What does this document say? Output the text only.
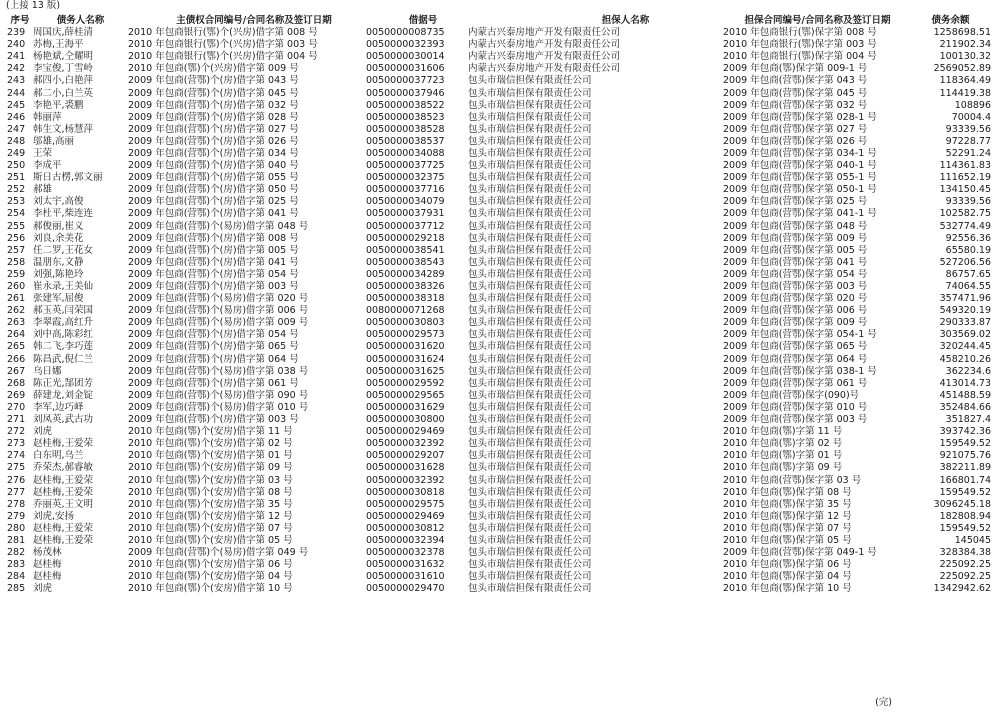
(上接 13 版)
序号	债务人名称	主债权合同编号/合同名称及签订日期	借据号	担保人名称	担保合同编号/合同名称及签订日期	债务余额
239	周国庆,薛桂清	2010 年包商银行(鄂)个(兴房)借字第 008 号	0050000008735	内蒙古兴泰房地产开发有限责任公司	2010 年包商银行(鄂)保字第 008 号	1258698.51
240	苏梅,王海平	2010 年包商银行(鄂)个(兴房)借字第 003 号	0050000032393	内蒙古兴泰房地产开发有限责任公司	2010 年包商银行(鄂)保字第 003 号	211902.34
241	杨艳斌,仝耀明	2010 年包商银行(鄂)个(兴房)借字第 004 号	0050000030014	内蒙古兴泰房地产开发有限责任公司	2010 年包商银行(鄂)保字第 004 号	100130.32
242	李宝俊,丁雪岭	2010 年包商(鄂)个(兴房)借字第 009 号	0050000031606	内蒙古兴泰房地产开发有限责任公司	2009 年包商(鄂)保字第 009-1 号	2569052.89
243	郝四小,白艳萍	2009 年包商(营鄂)个(房)借字第 043 号	0050000037723	包头市瑞信担保有限责任公司	2009 年包商(营鄂)保字第 043 号	118364.49
244	郝二小,白兰英	2009 年包商(营鄂)个(房)借字第 045 号	0050000037946	包头市瑞信担保有限责任公司	2009 年包商(营鄂)保字第 045 号	114419.38
245	李艳平,裘鹏	2009 年包商(营鄂)个(房)借字第 032 号	0050000038522	包头市瑞信担保有限责任公司	2009 年包商(营鄂)保字第 032 号	108896
246	韩丽萍	2009 年包商(营鄂)个(房)借字第 028 号	0050000038523	包头市瑞信担保有限责任公司	2009 年包商(营鄂)保字第 028-1 号	70004.4
247	韩生文,杨慧萍	2009 年包商(营鄂)个(房)借字第 027 号	0050000038528	包头市瑞信担保有限责任公司	2009 年包商(营鄂)保字第 027 号	93339.56
248	邬雄,高丽	2009 年包商(营鄂)个(房)借字第 026 号	0050000038537	包头市瑞信担保有限责任公司	2009 年包商(营鄂)保字第 026 号	97228.77
249	王荣	2009 年包商(营鄂)个(房)借字第 034 号	0050000034088	包头市瑞信担保有限责任公司	2009 年包商(营鄂)保字第 034-1 号	52291.24
250	李成平	2009 年包商(营鄂)个(房)借字第 040 号	0050000037725	包头市瑞信担保有限责任公司	2009 年包商(营鄂)保字第 040-1 号	114361.83
251	斯日古楞,郭文丽	2009 年包商(营鄂)个(房)借字第 055 号	0050000032375	包头市瑞信担保有限责任公司	2009 年包商(营鄂)保字第 055-1 号	111652.19
252	郝雄	2009 年包商(营鄂)个(房)借字第 050 号	0050000037716	包头市瑞信担保有限责任公司	2009 年包商(营鄂)保字第 050-1 号	134150.45
253	刘太宇,高俊	2009 年包商(营鄂)个(房)借字第 025 号	0050000034079	包头市瑞信担保有限责任公司	2009 年包商(营鄂)保字第 025 号	93339.56
254	李杜平,柴连连	2009 年包商(营鄂)个(房)借字第 041 号	0050000037931	包头市瑞信担保有限责任公司	2009 年包商(营鄂)保字第 041-1 号	102582.75
255	郝俊丽,崔义	2009 年包商(营鄂)个(易房)借字第 048 号	0050000037712	包头市瑞信担保有限责任公司	2009 年包商(营鄂)保字第 048 号	532774.49
256	刘良,余美花	2009 年包商(营鄂)个(房)借字第 008 号	0050000029218	包头市瑞信担保有限责任公司	2009 年包商(营鄂)保字第 009 号	92556.36
257	任二罗,王花女	2009 年包商(营鄂)个(房)借字第 005 号	0050000038541	包头市瑞信担保有限责任公司	2009 年包商(营鄂)保字第 005 号	65580.19
258	温朋东,文静	2009 年包商(营鄂)个(房)借字第 041 号	0050000038543	包头市瑞信担保有限责任公司	2009 年包商(营鄂)保字第 041 号	527206.56
259	刘强,陈艳玲	2009 年包商(营鄂)个(房)借字第 054 号	0050000034289	包头市瑞信担保有限责任公司	2009 年包商(营鄂)保字第 054 号	86757.65
260	崔永录,王美仙	2009 年包商(营鄂)个(房)借字第 003 号	0050000038326	包头市瑞信担保有限责任公司	2009 年包商(营鄂)保字第 003 号	74064.55
261	张建军,屈俊	2009 年包商(营鄂)个(易房)借字第 020 号	0050000038318	包头市瑞信担保有限责任公司	2009 年包商(营鄂)保字第 020 号	357471.96
262	郝玉英,闫荣国	2009 年包商(营鄂)个(易房)借字第 006 号	0080000071268	包头市瑞信担保有限责任公司	2009 年包商(营鄂)保字第 006 号	549320.19
263	李翠霞,高红升	2009 年包商(营鄂)个(易房)借字第 009 号	0050000030803	包头市瑞信担保有限责任公司	2009 年包商(营鄂)保字第 009 号	290333.87
264	刘中高,陈彩红	2009 年包商(营鄂)个(房)借字第 054 号	0050000029573	包头市瑞信担保有限责任公司	2009 年包商(营鄂)保字第 054-1 号	303569.02
265	韩二飞,李巧莲	2009 年包商(营鄂)个(房)借字第 065 号	0050000031620	包头市瑞信担保有限责任公司	2009 年包商(营鄂)保字第 065 号	320244.45
266	陈昌武,倪仁兰	2009 年包商(营鄂)个(房)借字第 064 号	0050000031624	包头市瑞信担保有限责任公司	2009 年包商(营鄂)保字第 064 号	458210.26
267	乌日娜	2009 年包商(营鄂)个(易房)借字第 038 号	0050000031625	包头市瑞信担保有限责任公司	2009 年包商(营鄂)保字第 038-1 号	362234.6
268	陈正光,郜团芳	2009 年包商(营鄂)个(房)借字第 061 号	0050000029592	包头市瑞信担保有限责任公司	2009 年包商(营鄂)保字第 061 号	413014.73
269	薛建龙,刘金锭	2009 年包商(营鄂)个(易房)借字第 090 号	0050000029565	包头市瑞信担保有限责任公司	2009 年包商(营鄂)保字(090)号	451488.59
270	李军,边巧峄	2009 年包商(营鄂)个(易房)借字第 010 号	0050000031629	包头市瑞信担保有限责任公司	2009 年包商(营鄂)保字第 010 号	352484.66
271	刘凤英,武古功	2009 年包商(营鄂)个(房)借字第 003 号	0050000030800	包头市瑞信担保有限责任公司	2009 年包商(营鄂)保字第 003 号	351827.4
272	刘虎	2010 年包商(鄂)个(安房)借字第 11 号	0050000029469	包头市瑞信担保有限责任公司	2010 年包商(鄂)字第 11 号	393742.36
273	赵桂梅,王爱荣	2010 年包商(鄂)个(安房)借字第 02 号	0050000032392	包头市瑞信担保有限责任公司	2010 年包商(鄂)字第 02 号	159549.52
274	白东明,乌兰	2010 年包商(鄂)个(安房)借字第 01 号	0050000029207	包头市瑞信担保有限责任公司	2010 年包商(鄂)字第 01 号	921075.76
275	乔荣杰,郝睿敏	2010 年包商(鄂)个(安房)借字第 09 号	0050000031628	包头市瑞信担保有限责任公司	2010 年包商(鄂)字第 09 号	382211.89
276	赵桂梅,王爱荣	2010 年包商(鄂)个(安房)借字第 03 号	0050000032392	包头市瑞信担保有限责任公司	2010 年包商(营鄂)保字第 03 号	166801.74
277	赵桂梅,王爱荣	2010 年包商(鄂)个(安房)借字第 08 号	0050000030818	包头市瑞信担保有限责任公司	2010 年包商(鄂)保字第 08 号	159549.52
278	乔丽英,王文明	2010 年包商(鄂)个(安房)借字第 35 号	0050000029575	包头市瑞信担保有限责任公司	2010 年包商(鄂)保字第 35 号	3096245.18
279	刘虎,安扬	2010 年包商(鄂)个(安房)借字第 12 号	0050000029469	包头市瑞信担保有限责任公司	2010 年包商(鄂)保字第 12 号	182808.94
280	赵桂梅,王爱荣	2010 年包商(鄂)个(安房)借字第 07 号	0050000030812	包头市瑞信担保有限责任公司	2010 年包商(鄂)保字第 07 号	159549.52
281	赵桂梅,王爱荣	2010 年包商(鄂)个(安房)借字第 05 号	0050000032394	包头市瑞信担保有限责任公司	2010 年包商(鄂)保字第 05 号	145045
282	杨茂林	2009 年包商(营鄂)个(易房)借字第 049 号	0050000032378	包头市瑞信担保有限责任公司	2009 年包商(营鄂)保字第 049-1 号	328384.38
283	赵桂梅	2010 年包商(鄂)个(安房)借字第 06 号	0050000031632	包头市瑞信担保有限责任公司	2010 年包商(鄂)保字第 06 号	225092.25
284	赵桂梅	2010 年包商(鄂)个(安房)借字第 04 号	0050000031610	包头市瑞信担保有限责任公司	2010 年包商(鄂)保字第 04 号	225092.25
285	刘虎	2010 年包商(鄂)个(安房)借字第 10 号	0050000029470	包头市瑞信担保有限责任公司	2010 年包商(鄂)保字第 10 号	1342942.62
(完)
